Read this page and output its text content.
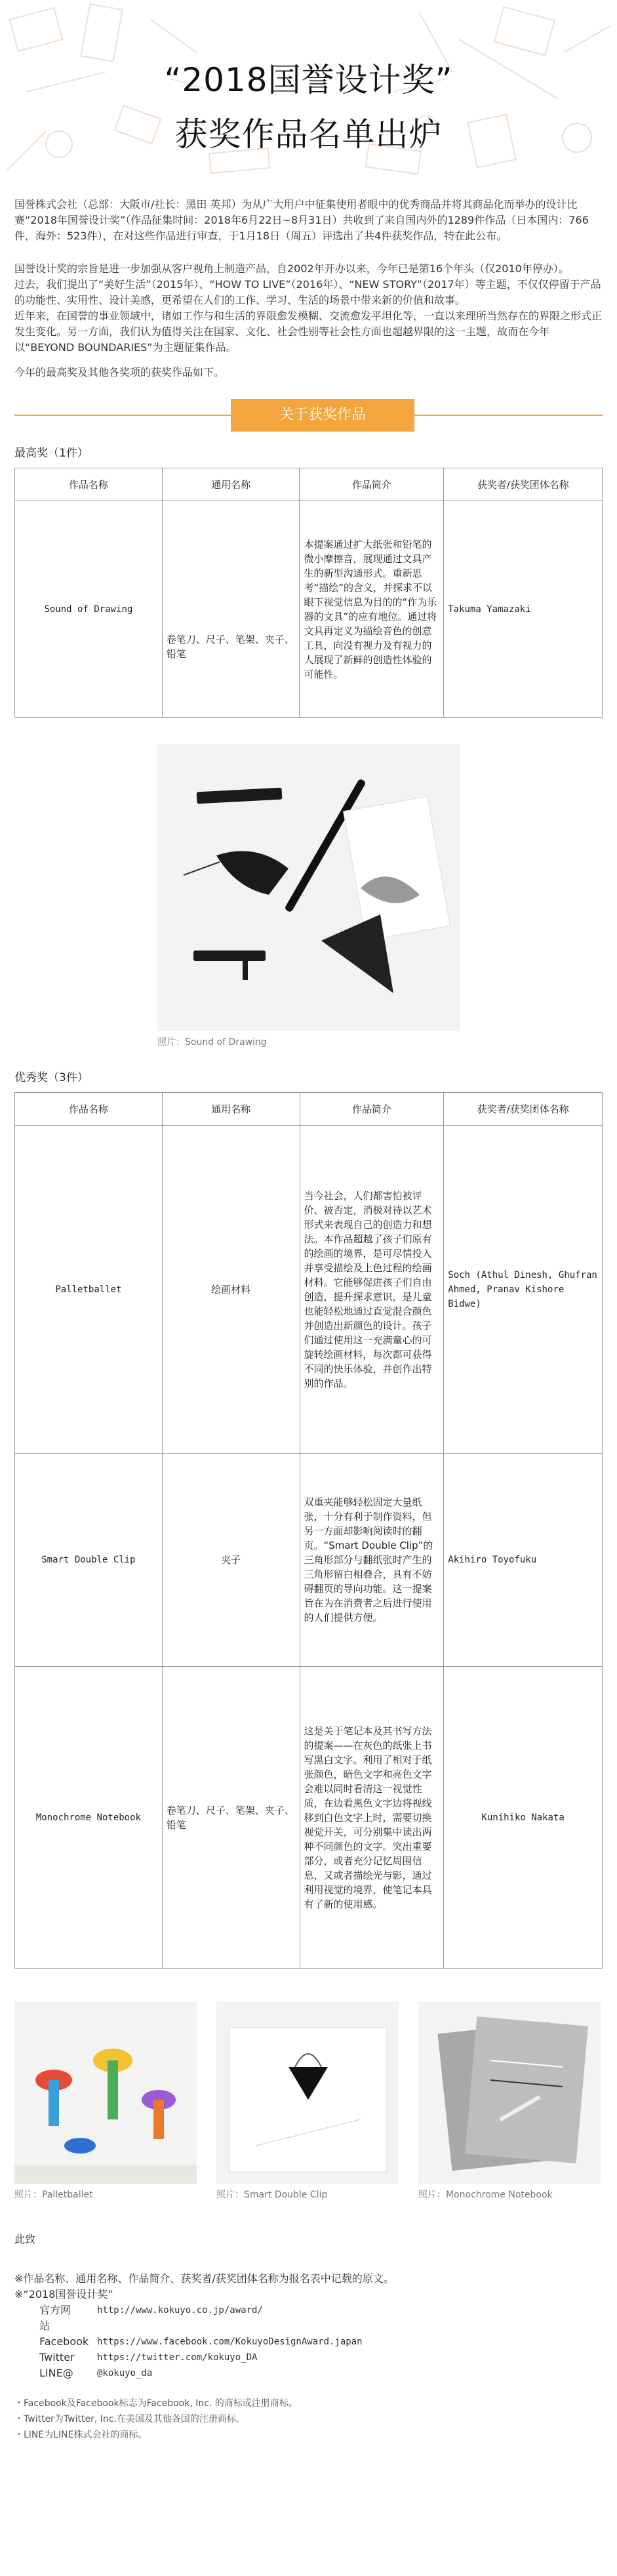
“2018国誉设计奖”
获奖作品名单出炉

国誉株式会社（总部：大阪市/社长：黑田 英邦）为从广大用户中征集使用者眼中的优秀商品并将其商品化而举办的设计比赛“2018年国誉设计奖”（作品征集时间：2018年6月22日~8月31日）共收到了来自国内外的1289件作品（日本国内：766件，海外：523件），在对这些作品进行审查，于1月18日（周五）评选出了共4件获奖作品，特在此公布。

国誉设计奖的宗旨是进一步加强从客户视角上制造产品，自2002年开办以来，今年已是第16个年头（仅2010年停办）。

过去，我们提出了“美好生活”（2015年）、“HOW TO LIVE”（2016年）、“NEW STORY”（2017年）等主题，不仅仅停留于产品的功能性、实用性、设计美感，更希望在人们的工作、学习、生活的场景中带来新的价值和故事。

近年来，在国誉的事业领域中，诸如工作与和生活的界限愈发模糊、交流愈发平坦化等，一直以来理所当然存在的界限之形式正发生变化。另一方面，我们认为值得关注在国家、文化、社会性别等社会性方面也超越界限的这一主题，故而在今年以“BEYOND BOUNDARIES”为主题征集作品。

今年的最高奖及其他各奖项的获奖作品如下。

关于获奖作品
最高奖（1件）
作品名称	通用名称	作品简介	获奖者/获奖团体名称
Sound of Drawing	卷笔刀、尺子、笔架、夹子、铅笔	本提案通过扩大纸张和铅笔的微小摩擦音，展现通过文具产生的新型沟通形式。重新思考“描绘”的含义，并探求不以眼下视觉信息为目的的“作为乐器的文具”的应有地位。通过将文具再定义为描绘音色的创意工具，向没有视力及有视力的人展现了新鲜的创造性体验的可能性。	Takuma Yamazaki
照片：Sound of Drawing
优秀奖（3件）
作品名称	通用名称	作品简介	获奖者/获奖团体名称
Palletballet	绘画材料	当今社会，人们都害怕被评价、被否定，消极对待以艺术形式来表现自己的创造力和想法。本作品超越了孩子们原有的绘画的境界，是可尽情投入并享受描绘及上色过程的绘画材料。它能够促进孩子们自由创造，提升探求意识，是儿童也能轻松地通过直觉混合颜色并创造出新颜色的设计。孩子们通过使用这一充满童心的可旋转绘画材料，每次都可获得不同的快乐体验，并创作出特别的作品。	Soch (Athul Dinesh, Ghufran Ahmed, Pranav Kishore Bidwe)
Smart Double Clip	夹子	双重夹能够轻松固定大量纸张，十分有利于制作资料，但另一方面却影响阅读时的翻页。“Smart Double Clip”的三角形部分与翻纸张时产生的三角形留白相叠合，具有不妨碍翻页的导向功能。这一提案旨在为在消费者之后进行使用的人们提供方便。	Akihiro Toyofuku
Monochrome Notebook	卷笔刀、尺子、笔架、夹子、铅笔	这是关于笔记本及其书写方法的提案——在灰色的纸张上书写黑白文字。利用了相对于纸张颜色，暗色文字和亮色文字会难以同时看清这一视觉性质，在边看黑色文字边将视线移到白色文字上时，需要切换视觉开关，可分别集中读出两种不同颜色的文字。突出重要部分，或者充分记忆周围信息，又或者描绘光与影，通过利用视觉的境界，使笔记本具有了新的使用感。	Kunihiko Nakata
照片：Palletballet	照片：Smart Double Clip	照片：Monochrome Notebook
此致
※作品名称、通用名称、作品简介、获奖者/获奖团体名称为报名表中记载的原文。
※“2018国誉设计奖”
官方网站
http://www.kokuyo.co.jp/award/
Facebook https://www.facebook.com/KokuyoDesignAward.japan
Twitter	https://twitter.com/kokuyo_DA
LINE@	@kokuyo_da
・Facebook及Facebook标志为Facebook, Inc. 的商标或注册商标。
・Twitter为Twitter, Inc.在美国及其他各国的注册商标。
・LINE为LINE株式会社的商标。
